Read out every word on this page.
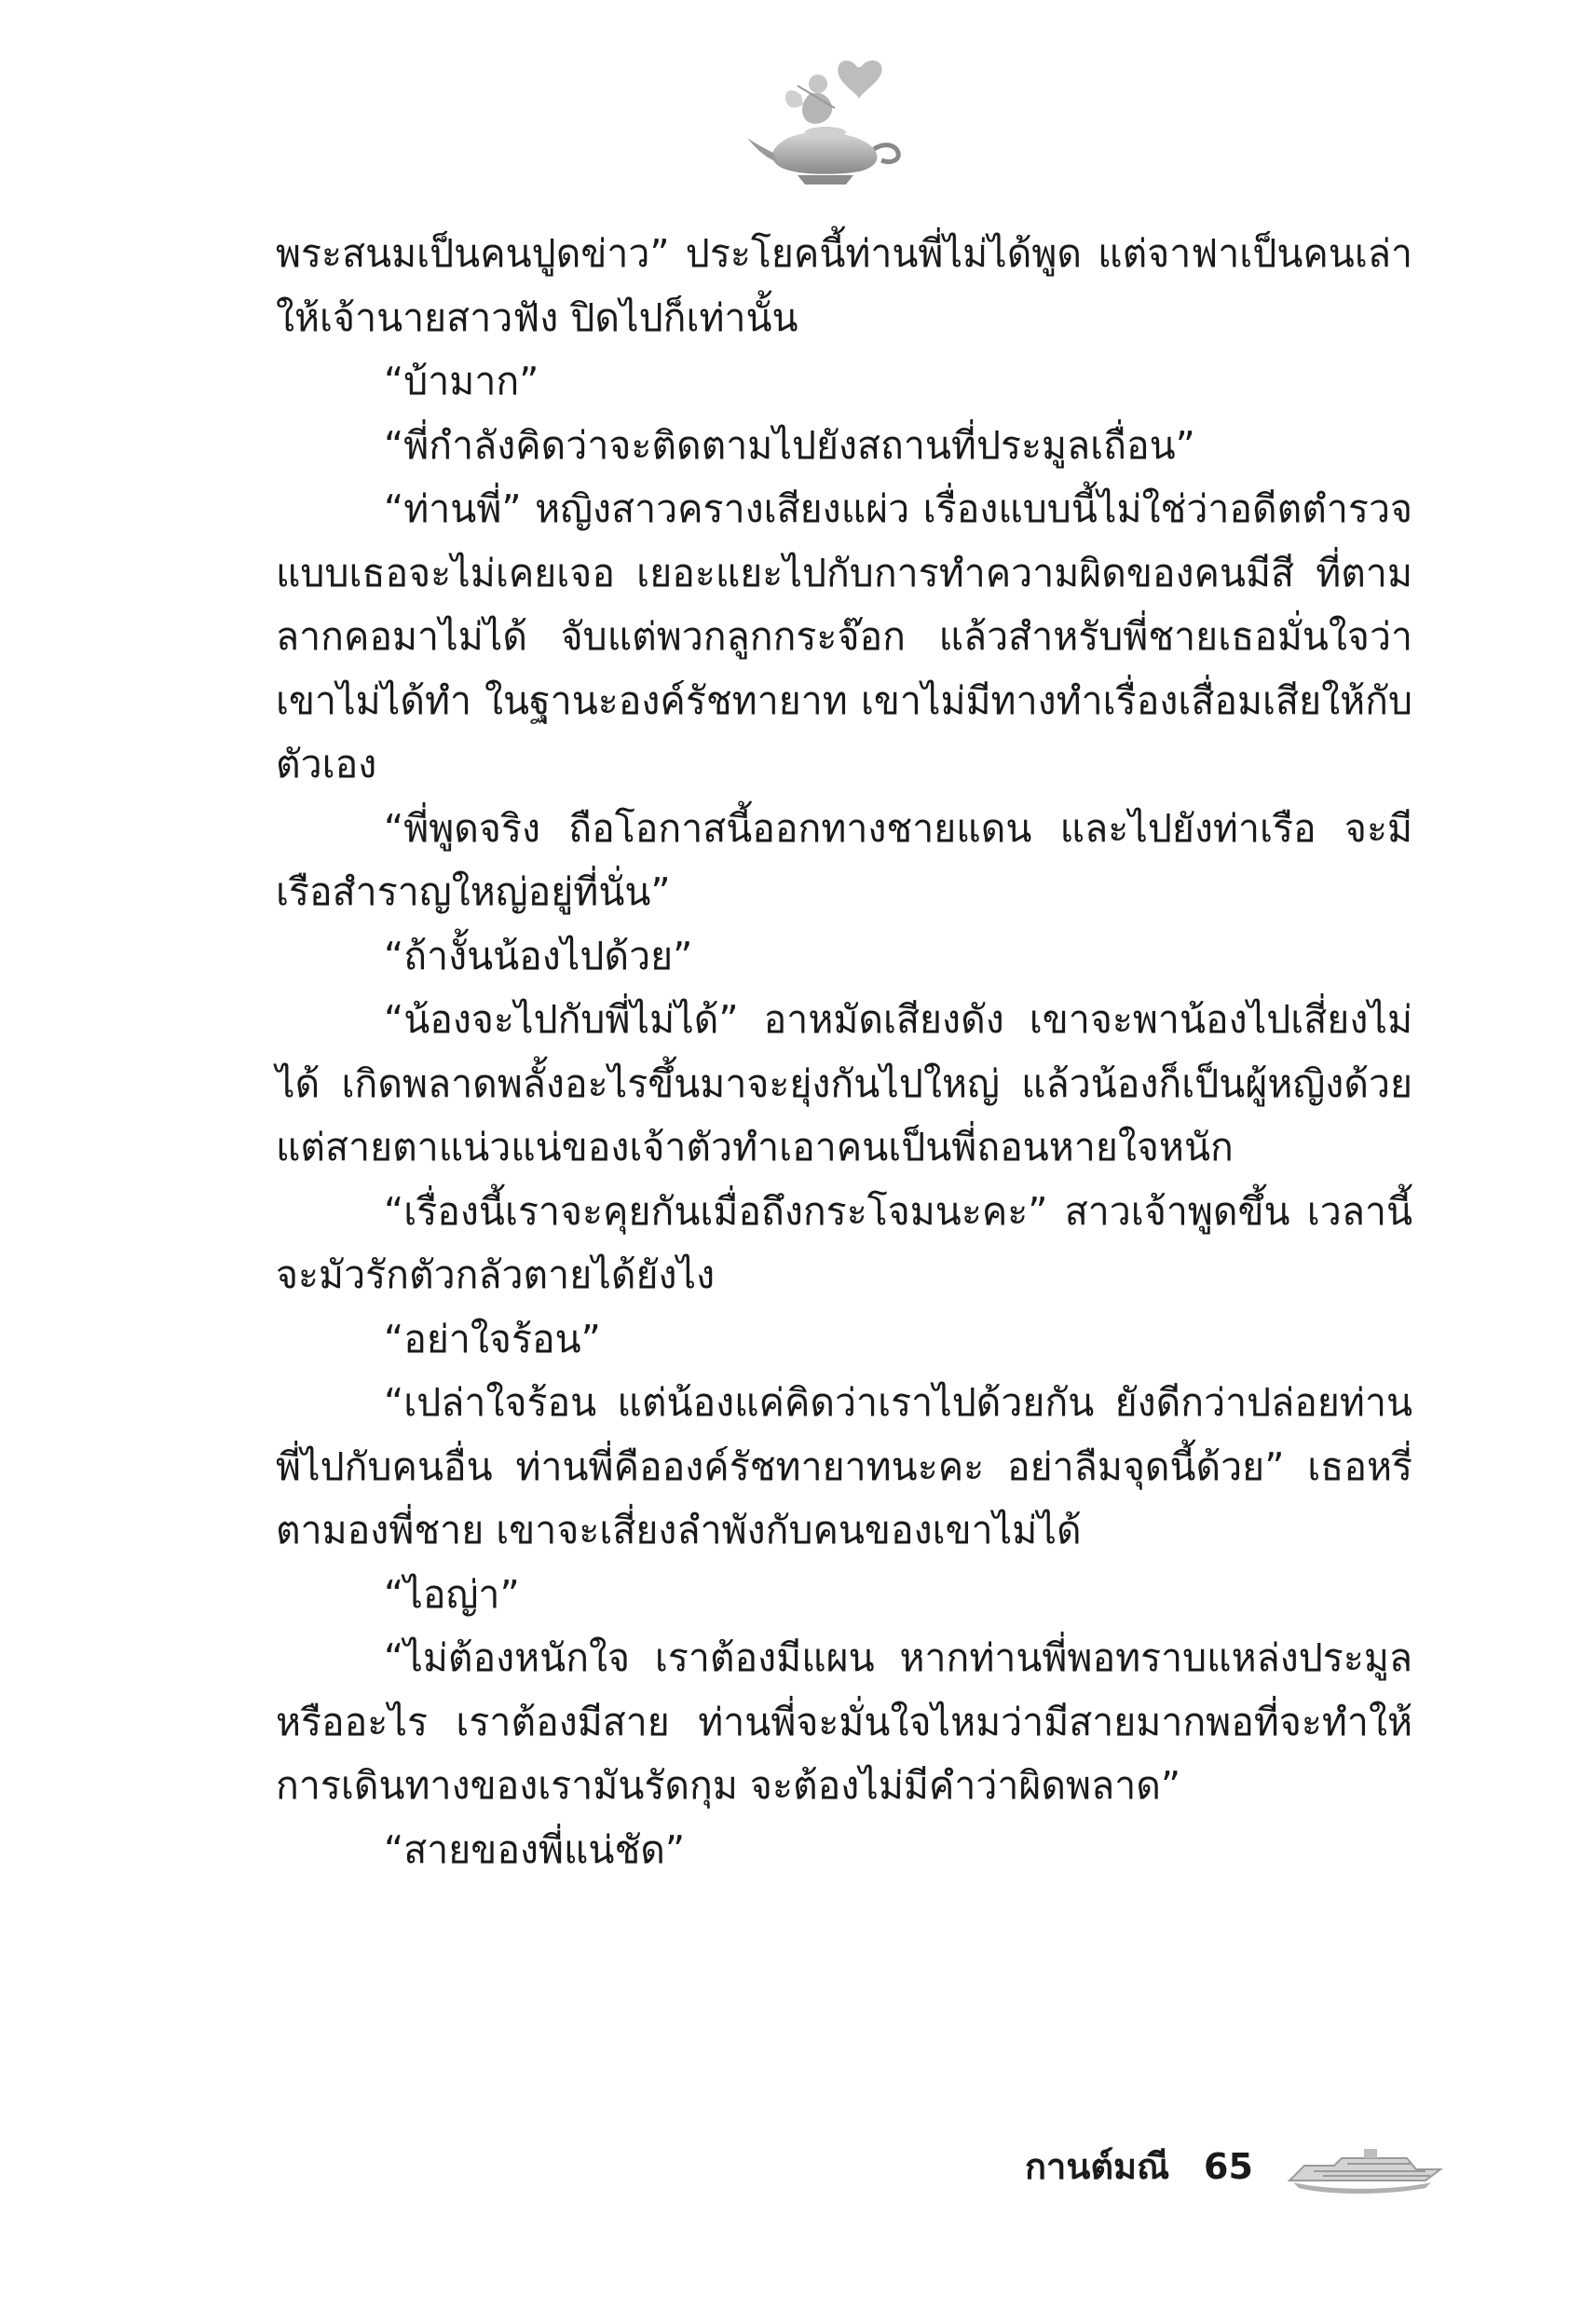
พระสนมเป็นคนปูดข่าว” ประโยคนี้ท่านพี่ไม่ได้พูด แต่จาฟาเป็นคนเล่าให้เจ้านายสาวฟัง ปิดไปก็เท่านั้น

“บ้ามาก”

“พี่กำลังคิดว่าจะติดตามไปยังสถานที่ประมูลเถื่อน”

“ท่านพี่” หญิงสาวครางเสียงแผ่ว เรื่องแบบนี้ไม่ใช่ว่าอดีตตำรวจแบบเธอจะไม่เคยเจอ เยอะแยะไปกับการทำความผิดของคนมีสี ที่ตามลากคอมาไม่ได้ จับแต่พวกลูกกระจ๊อก แล้วสำหรับพี่ชายเธอมั่นใจว่าเขาไม่ได้ทำ ในฐานะองค์รัชทายาท เขาไม่มีทางทำเรื่องเสื่อมเสียให้กับตัวเอง

“พี่พูดจริง ถือโอกาสนี้ออกทางชายแดน และไปยังท่าเรือ จะมีเรือสำราญใหญ่อยู่ที่นั่น”

“ถ้างั้นน้องไปด้วย”

“น้องจะไปกับพี่ไม่ได้” อาหมัดเสียงดัง เขาจะพาน้องไปเสี่ยงไม่ได้ เกิดพลาดพลั้งอะไรขึ้นมาจะยุ่งกันไปใหญ่ แล้วน้องก็เป็นผู้หญิงด้วยแต่สายตาแน่วแน่ของเจ้าตัวทำเอาคนเป็นพี่ถอนหายใจหนัก

“เรื่องนี้เราจะคุยกันเมื่อถึงกระโจมนะคะ” สาวเจ้าพูดขึ้น เวลานี้จะมัวรักตัวกลัวตายได้ยังไง

“อย่าใจร้อน”

“เปล่าใจร้อน แต่น้องแค่คิดว่าเราไปด้วยกัน ยังดีกว่าปล่อยท่านพี่ไปกับคนอื่น ท่านพี่คือองค์รัชทายาทนะคะ อย่าลืมจุดนี้ด้วย” เธอหรี่ตามองพี่ชาย เขาจะเสี่ยงลำพังกับคนของเขาไม่ได้

“ไอญ่า”

“ไม่ต้องหนักใจ เราต้องมีแผน หากท่านพี่พอทราบแหล่งประมูลหรืออะไร เราต้องมีสาย ท่านพี่จะมั่นใจไหมว่ามีสายมากพอที่จะทำให้การเดินทางของเรามันรัดกุม จะต้องไม่มีคำว่าผิดพลาด”

“สายของพี่แน่ชัด”

กานต์มณี 65
